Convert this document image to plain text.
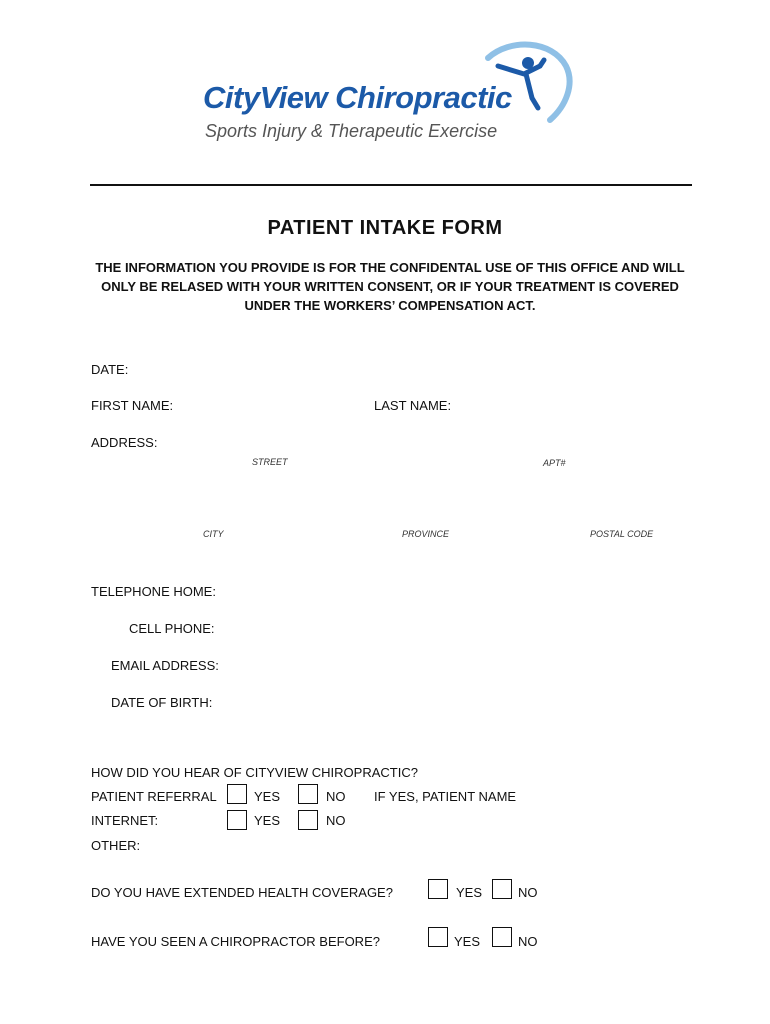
CityView Chiropractic
Sports Injury & Therapeutic Exercise
PATIENT INTAKE FORM
THE INFORMATION YOU PROVIDE IS FOR THE CONFIDENTAL USE OF THIS OFFICE AND WILL ONLY BE RELASED WITH YOUR WRITTEN CONSENT, OR IF YOUR TREATMENT IS COVERED UNDER THE WORKERS’ COMPENSATION ACT.
DATE:
FIRST NAME:	LAST NAME:
ADDRESS:
STREET	APT#
CITY	PROVINCE	POSTAL CODE
TELEPHONE HOME:
CELL PHONE:
EMAIL ADDRESS:
DATE OF BIRTH:
HOW DID YOU HEAR OF CITYVIEW CHIROPRACTIC?
PATIENT REFERRAL	YES	NO IF YES, PATIENT NAME
INTERNET:	YES	NO
OTHER:
DO YOU HAVE EXTENDED HEALTH COVERAGE?	YES	NO
HAVE YOU SEEN A CHIROPRACTOR BEFORE?	YES	NO
